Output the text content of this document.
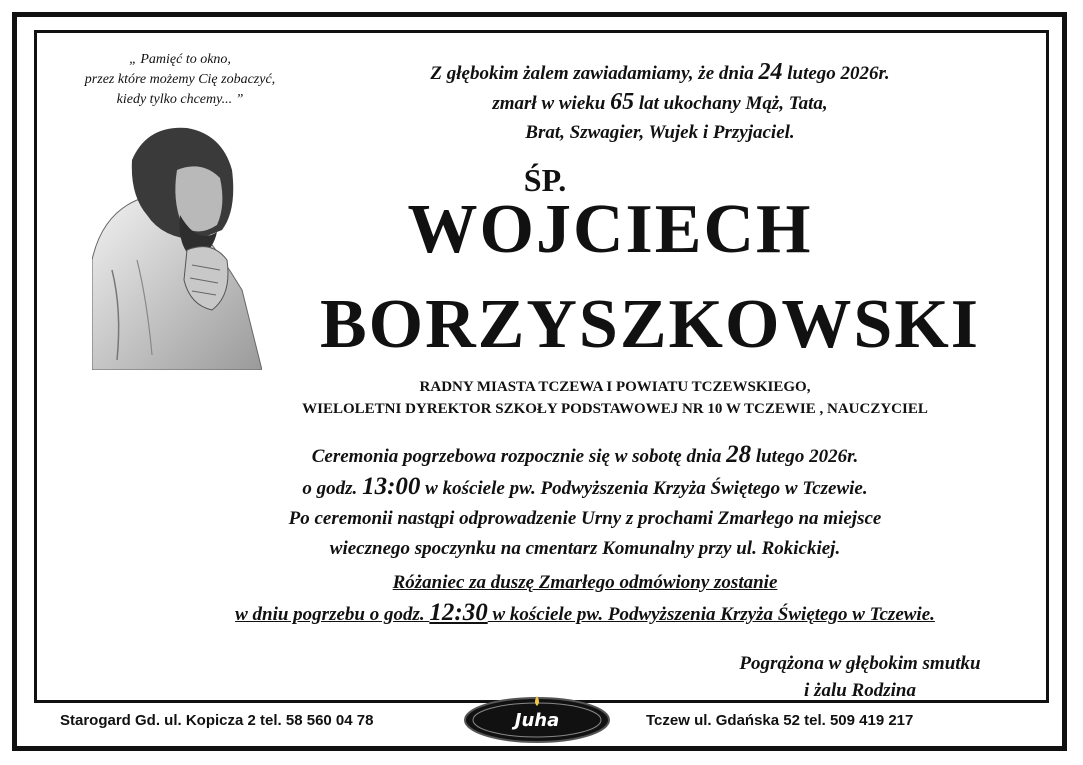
„ Pamięć to okno,
przez które możemy Cię zobaczyć,
kiedy tylko chcemy... ”
Z głębokim żalem zawiadamiamy, że dnia 24 lutego 2026r.
zmarł w wieku 65 lat ukochany Mąż, Tata,
Brat, Szwagier, Wujek i Przyjaciel.
ŚP.
WOJCIECH
BORZYSZKOWSKI
RADNY MIASTA TCZEWA I POWIATU TCZEWSKIEGO,
WIELOLETNI DYREKTOR SZKOŁY PODSTAWOWEJ NR 10 W TCZEWIE , NAUCZYCIEL
Ceremonia pogrzebowa rozpocznie się w sobotę dnia 28 lutego 2026r.
o godz. 13:00 w kościele pw. Podwyższenia Krzyża Świętego w Tczewie.
Po ceremonii nastąpi odprowadzenie Urny z prochami Zmarłego na miejsce
wiecznego spoczynku na cmentarz Komunalny przy ul. Rokickiej.
Różaniec za duszę Zmarłego odmówiony zostanie
w dniu pogrzebu o godz. 12:30 w kościele pw. Podwyższenia Krzyża Świętego w Tczewie.
Pogrążona w głębokim smutku
i żalu Rodzina
Starogard Gd. ul. Kopicza 2 tel. 58 560 04 78	Tczew ul. Gdańska 52 tel. 509 419 217
Juha
